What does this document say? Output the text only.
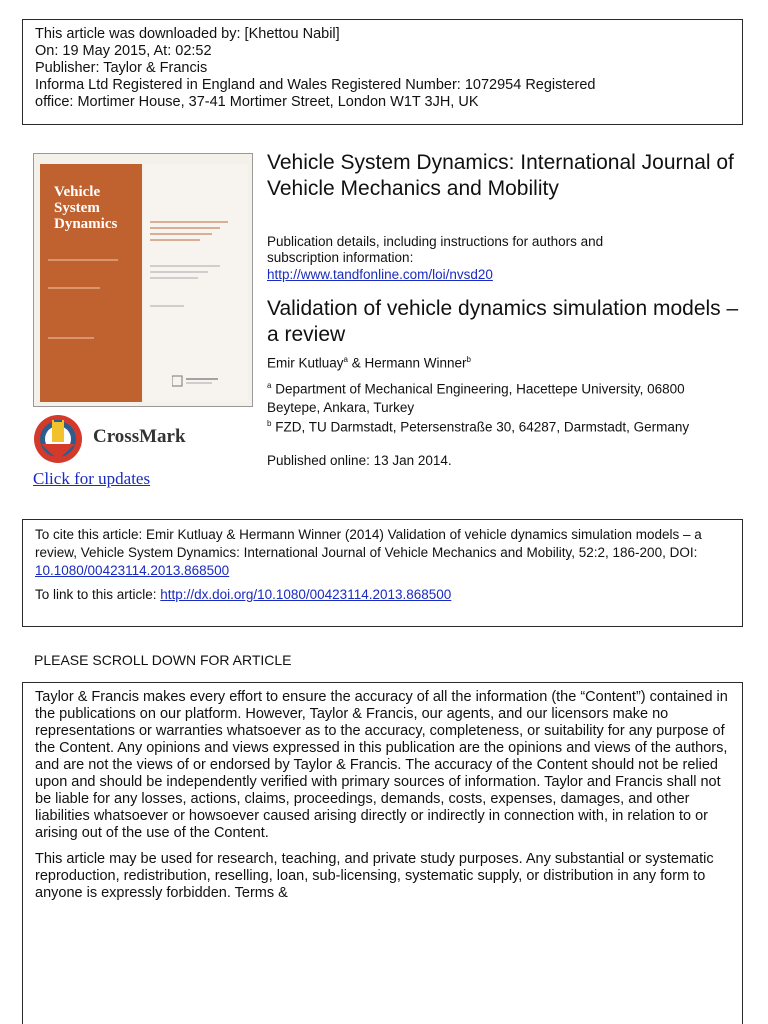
This article was downloaded by: [Khettou Nabil]
On: 19 May 2015, At: 02:52
Publisher: Taylor & Francis
Informa Ltd Registered in England and Wales Registered Number: 1072954 Registered
office: Mortimer House, 37-41 Mortimer Street, London W1T 3JH, UK
Vehicle
System
Dynamics
CrossMark
Click for updates
Vehicle System Dynamics: International Journal of Vehicle Mechanics and Mobility
Publication details, including instructions for authors and
subscription information:
http://www.tandfonline.com/loi/nvsd20
Validation of vehicle dynamics simulation models – a review
Emir Kutluay$^a$ & Hermann Winner$^b$
$^a$ Department of Mechanical Engineering, Hacettepe University, 06800 Beytepe, Ankara, Turkey
$^b$ FZD, TU Darmstadt, Petersenstraße 30, 64287, Darmstadt, Germany
Published online: 13 Jan 2014.
To cite this article: Emir Kutluay & Hermann Winner (2014) Validation of vehicle dynamics simulation models – a review, Vehicle System Dynamics: International Journal of Vehicle Mechanics and Mobility, 52:2, 186-200, DOI: 10.1080/00423114.2013.868500
To link to this article: http://dx.doi.org/10.1080/00423114.2013.868500
PLEASE SCROLL DOWN FOR ARTICLE

Taylor & Francis makes every effort to ensure the accuracy of all the information (the “Content”) contained in the publications on our platform. However, Taylor & Francis, our agents, and our licensors make no representations or warranties whatsoever as to the accuracy, completeness, or suitability for any purpose of the Content. Any opinions and views expressed in this publication are the opinions and views of the authors, and are not the views of or endorsed by Taylor & Francis. The accuracy of the Content should not be relied upon and should be independently verified with primary sources of information. Taylor and Francis shall not be liable for any losses, actions, claims, proceedings, demands, costs, expenses, damages, and other liabilities whatsoever or howsoever caused arising directly or indirectly in connection with, in relation to or arising out of the use of the Content.

This article may be used for research, teaching, and private study purposes. Any substantial or systematic reproduction, redistribution, reselling, loan, sub-licensing, systematic supply, or distribution in any form to anyone is expressly forbidden. Terms &
